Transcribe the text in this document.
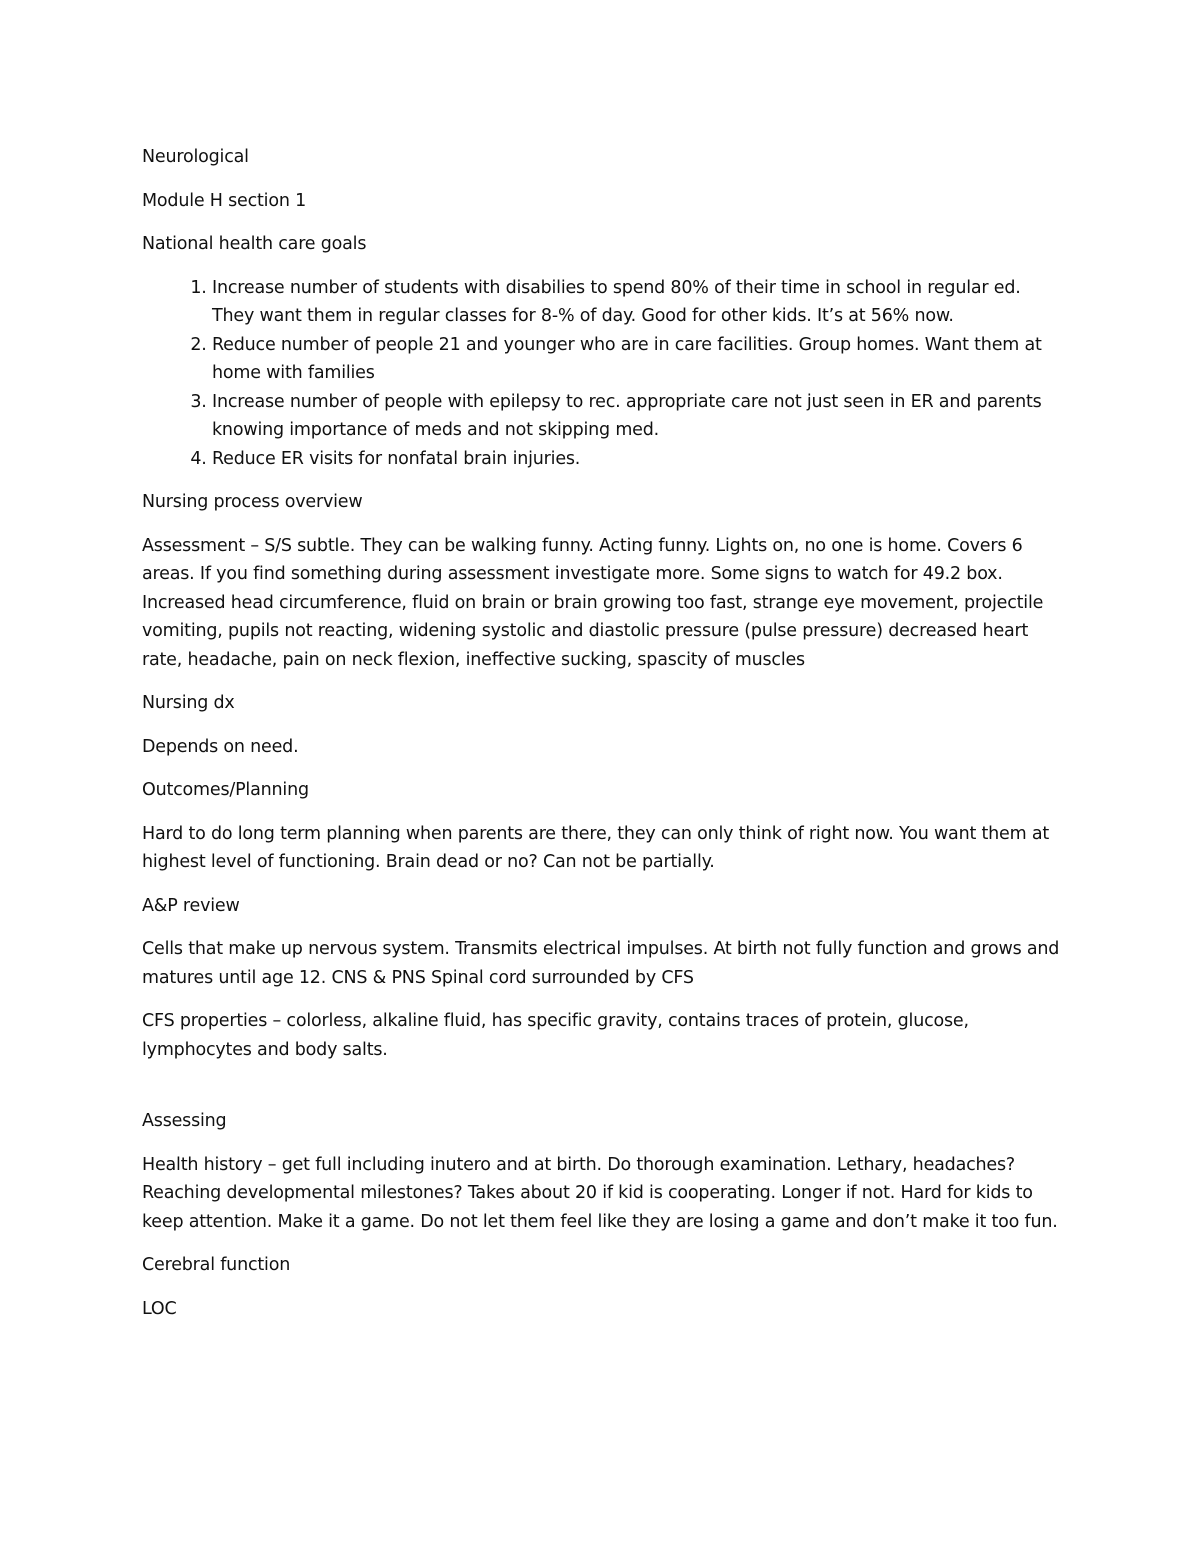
Neurological

Module H section 1

National health care goals

1. Increase number of students with disabilies to spend 80% of their time in school in regular ed. They want them in regular classes for 8-% of day. Good for other kids. It’s at 56% now.
2. Reduce number of people 21 and younger who are in care facilities. Group homes. Want them at home with families
3. Increase number of people with epilepsy to rec. appropriate care not just seen in ER and parents knowing importance of meds and not skipping med.
4. Reduce ER visits for nonfatal brain injuries.

Nursing process overview

Assessment – S/S subtle. They can be walking funny. Acting funny. Lights on, no one is home. Covers 6 areas. If you find something during assessment investigate more. Some signs to watch for 49.2 box. Increased head circumference, fluid on brain or brain growing too fast, strange eye movement, projectile vomiting, pupils not reacting, widening systolic and diastolic pressure (pulse pressure) decreased heart rate, headache, pain on neck flexion, ineffective sucking, spascity of muscles

Nursing dx

Depends on need.

Outcomes/Planning

Hard to do long term planning when parents are there, they can only think of right now. You want them at highest level of functioning. Brain dead or no? Can not be partially.

A&P review

Cells that make up nervous system. Transmits electrical impulses. At birth not fully function and grows and matures until age 12. CNS & PNS Spinal cord surrounded by CFS

CFS properties – colorless, alkaline fluid, has specific gravity, contains traces of protein, glucose, lymphocytes and body salts.

Assessing

Health history – get full including inutero and at birth. Do thorough examination. Lethary, headaches? Reaching developmental milestones? Takes about 20 if kid is cooperating. Longer if not. Hard for kids to keep attention. Make it a game. Do not let them feel like they are losing a game and don’t make it too fun.

Cerebral function

LOC
